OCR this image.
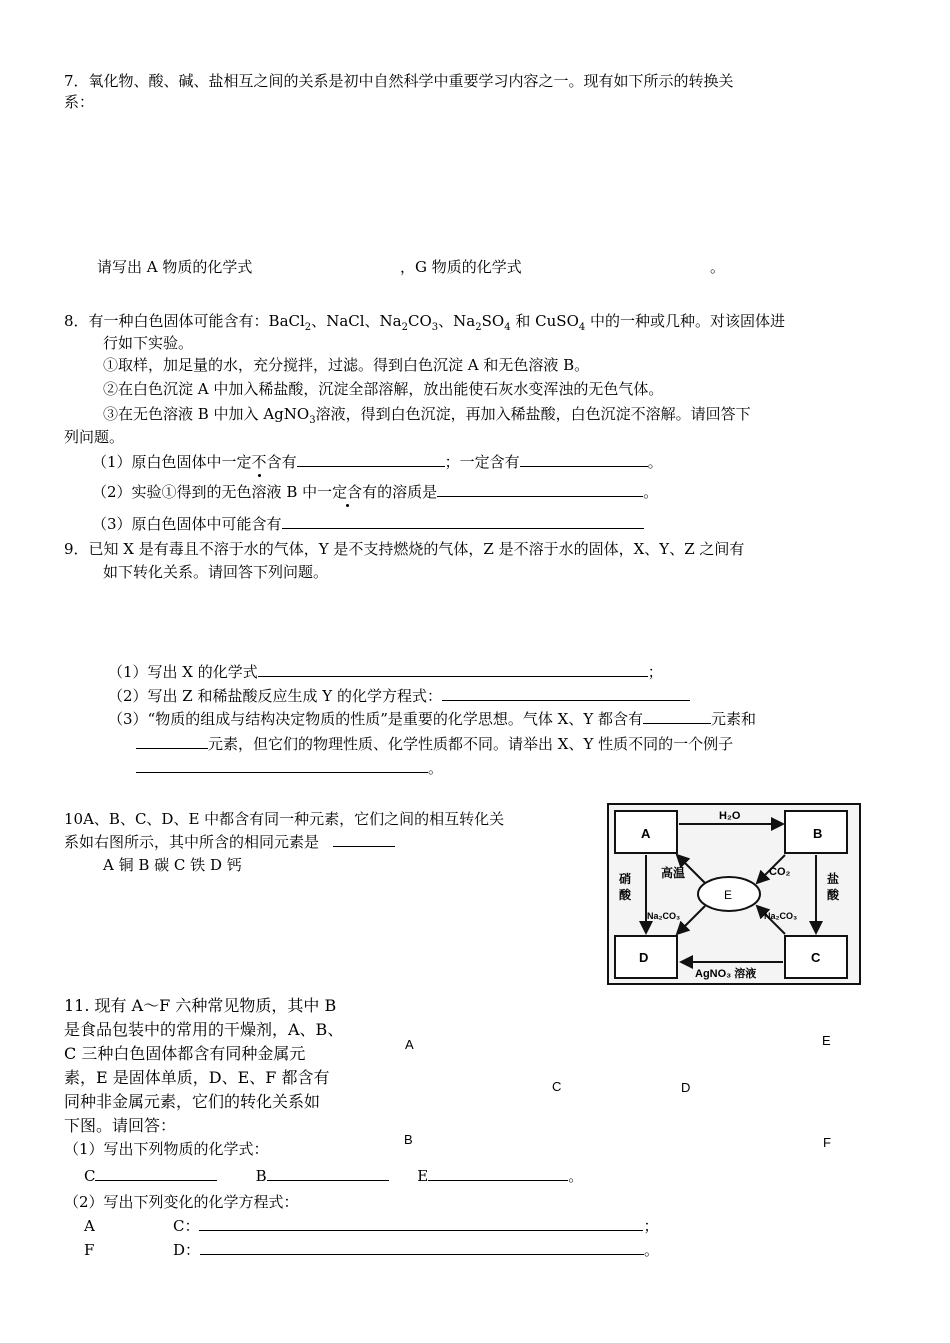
7．氧化物、酸、碱、盐相互之间的关系是初中自然科学中重要学习内容之一。现有如下所示的转换关
系：
请写出 A 物质的化学式	，G 物质的化学式	。
8．有一种白色固体可能含有：BaCl$_2$、NaCl、$Na_2CO_3$、$Na_2SO_4$ 和 CuSO$_4$ 中的一种或几种。对该固体进
行如下实验。
①取样，加足量的水，充分搅拌，过滤。得到白色沉淀 A 和无色溶液 B。
②在白色沉淀 A 中加入稀盐酸，沉淀全部溶解，放出能使石灰水变浑浊的无色气体。
③在无色溶液 B 中加入 AgNO$_3$溶液，得到白色沉淀，再加入稀盐酸，白色沉淀不溶解。请回答下
列问题。
（1）原白色固体中一定不含有	；一定含有	。
（2）实验①得到的无色溶液 B 中一定含有的溶质是	。
（3）原白色固体中可能含有
9．已知 X 是有毒且不溶于水的气体，Y 是不支持燃烧的气体，Z 是不溶于水的固体，X、Y、Z 之间有
如下转化关系。请回答下列问题。
（1）写出 X 的化学式	；
（2）写出 Z 和稀盐酸反应生成 Y 的化学方程式：
（3）“物质的组成与结构决定物质的性质”是重要的化学思想。气体 X、Y 都含有	元素和
元素，但它们的物理性质、化学性质都不同。请举出 X、Y 性质不同的一个例子
。
10A、B、C、D、E 中都含有同一种元素，它们之间的相互转化关
系如右图所示，其中所含的相同元素是
A 铜 B 碳 C 铁 D 钙
A	B
D	C
E
H₂O
硝
酸
盐
酸
AgNO₃ 溶液
高温	CO₂
Na₂CO₃	Na₂CO₃
11. 现有 A～F 六种常见物质，其中 B
是食品包装中的常用的干燥剂，A、B、
C 三种白色固体都含有同种金属元
素，E 是固体单质，D、E、F 都含有
同种非金属元素，它们的转化关系如
下图。请回答：
（1）写出下列物质的化学式：
C	B	E	。
（2）写出下列变化的化学方程式：
A	C：	；
F	D：	。
A	E
C	D
B	F
